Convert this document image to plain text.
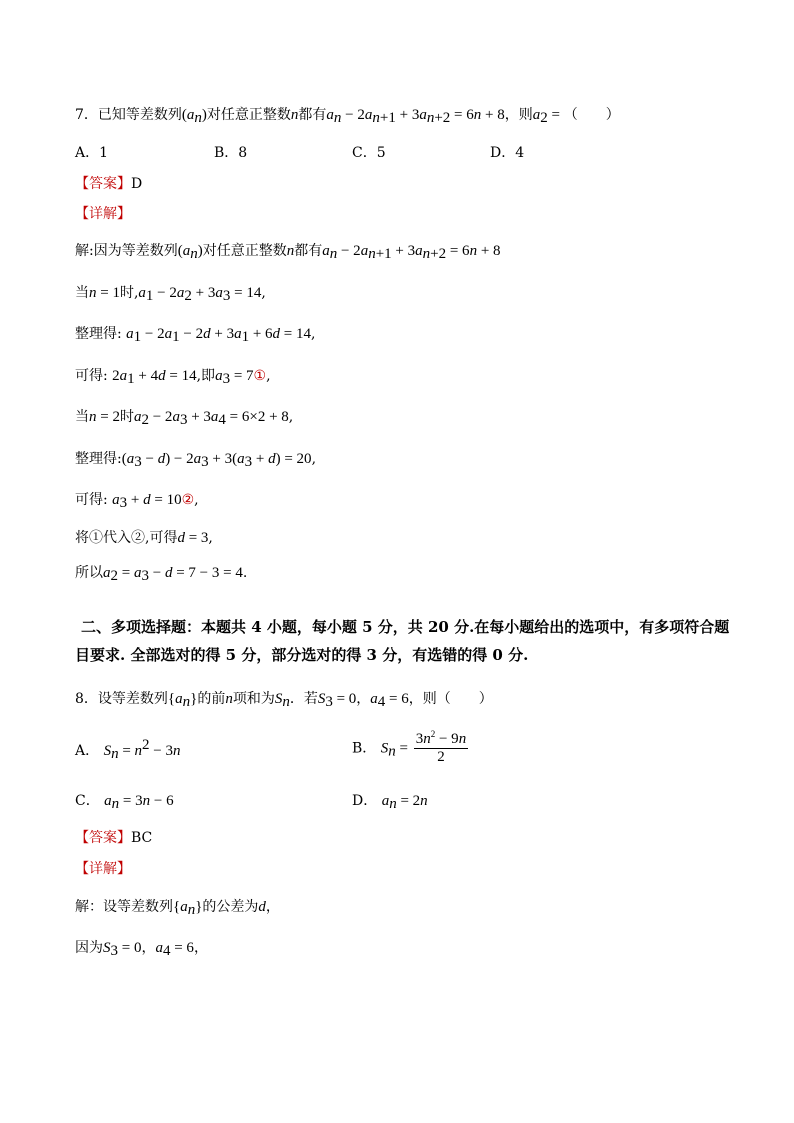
7．已知等差数列$(a_n)$对任意正整数n都有$a_n - 2a_{n+1} + 3a_{n+2} = 6n + 8$，则$a_2$ = （　　）
A．1	B．8	C．5	D．4
【答案】D
【详解】
解:因为等差数列$(a_n)$对任意正整数n都有$a_n - 2a_{n+1} + 3a_{n+2} = 6n + 8$
当n = 1时$,a_1 - 2a_2 + 3a_3 = 14$,
整理得: $a_1 - 2a_1 - 2d + 3a_1 + 6d = 14$,
可得: $2a_1 + 4d = 14$,即$a_3$ = 7①,
当n = 2时$a_2 - 2a_3 + 3a_4 = 6\times 2 + 8$,
整理得$:(a_3 - d) - 2a_3 + 3(a_3 + d) = 20$,
可得: $a_3 + d$ = 10②,
将①代入②,可得d = 3,
所以$a_2 = a_3 - d = 7 - 3 = 4$.
二、多项选择题：本题共 4 小题，每小题 5 分，共 20 分.在每小题给出的选项中，有多项符合题目要求. 全部选对的得 5 分，部分选对的得 3 分，有选错的得 0 分.
8．设等差数列$\{a_n\}$的前n项和为$S_n$．若$S_3 = 0$，$a_4 = 6$，则（　　）
A． $S_n = n^2 - 3n$	B． $S_n = \frac{3n^2 - 9n}{2}$
C． $a_n = 3n - 6$	D． $a_n = 2n$
【答案】BC
【详解】
解：设等差数列$\{a_n\}$的公差为d，
因为$S_3 = 0$，$a_4 = 6$，
